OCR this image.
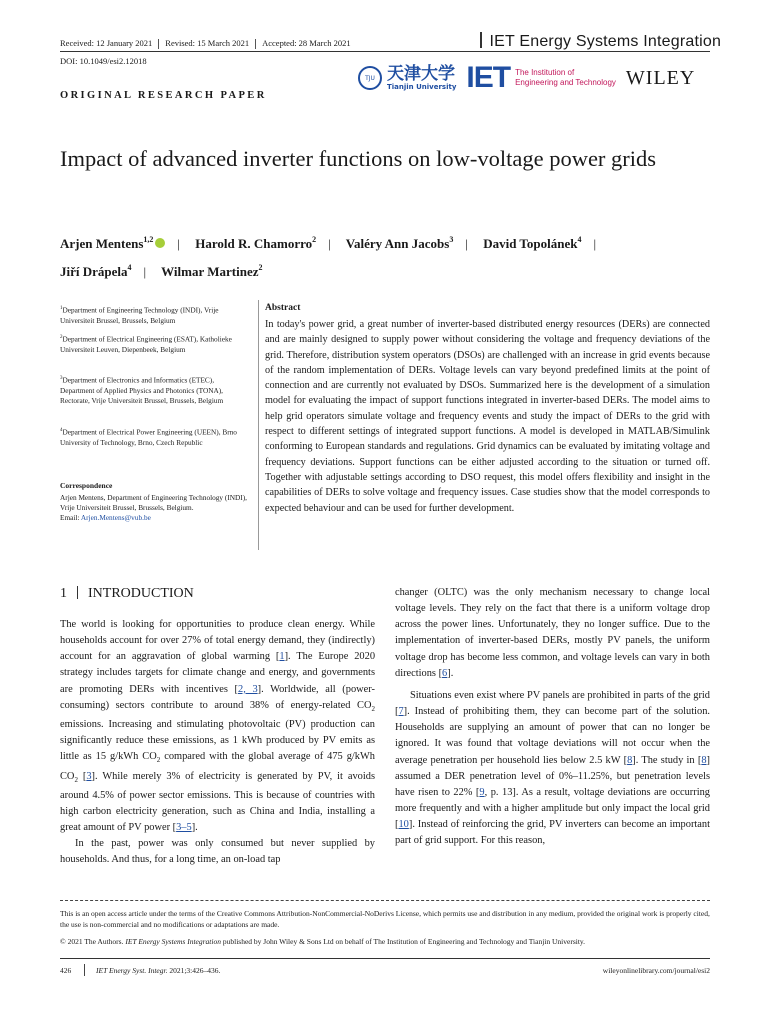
Received: 12 January 2021 Revised: 15 March 2021 Accepted: 28 March 2021	IET Energy Systems Integration
DOI: 10.1049/esi2.12018
TJU 天津大学
Tianjin University IET The Institution of
Engineering and Technology WILEY
ORIGINAL RESEARCH PAPER
Impact of advanced inverter functions on low-voltage power grids
Arjen Mentens$^{1,2}$ | Harold R. Chamorro$^2$ | Valéry Ann Jacobs$^3$ | David Topolánek$^4$ |
Jiří Drápela$^4$ | Wilmar Martinez$^2$
$^1$Department of Engineering Technology (INDI), Vrije Universiteit Brussel, Brussels, Belgium
$^2$Department of Electrical Engineering (ESAT), Katholieke Universiteit Leuven, Diepenbeek, Belgium
$^3$Department of Electronics and Informatics (ETEC), Department of Applied Physics and Photonics (TONA), Rectorate, Vrije Universiteit Brussel, Brussels, Belgium
$^4$Department of Electrical Power Engineering (UEEN), Brno University of Technology, Brno, Czech Republic
Correspondence
Arjen Mentens, Department of Engineering Technology (INDI), Vrije Universiteit Brussel, Brussels, Belgium.
Email: Arjen.Mentens@vub.be
Abstract
In today's power grid, a great number of inverter-based distributed energy resources (DERs) are connected and are mainly designed to supply power without considering the voltage and frequency deviations of the grid. Therefore, distribution system operators (DSOs) are challenged with an increase in grid events because of the random implementation of DERs. Voltage levels can vary beyond predefined limits at the point of connection and are currently not evaluated by DSOs. Summarized here is the development of a simulation model for evaluating the impact of support functions integrated in inverter-based DERs. The model aims to help grid operators simulate voltage and frequency events and study the impact of DERs to the grid with respect to different settings of integrated support functions. A model is developed in MATLAB/Simulink conforming to European standards and regulations. Grid dynamics can be evaluated by imitating voltage and frequency deviations. Support functions can be either adjusted according to the situation or turned off. Together with adjustable settings according to DSO request, this model offers flexibility and insight in the capabilities of DERs to solve voltage and frequency issues. Case studies show that the model corresponds to expected behaviour and can be used for further development.
1 INTRODUCTION

The world is looking for opportunities to produce clean energy. While households account for over 27% of total energy demand, they (indirectly) account for an aggravation of global warming [1]. The Europe 2020 strategy includes targets for climate change and energy, and governments are promoting DERs with incentives [2, 3]. Worldwide, all (power-consuming) sectors contribute to around 38% of energy-related $CO_2$ emissions. Increasing and stimulating photovoltaic (PV) production can significantly reduce these emissions, as 1 kWh produced by PV emits as little as 15 g/kWh $CO_2$ compared with the global average of 475 g/kWh $CO_2$ [3]. While merely 3% of electricity is generated by PV, it avoids around 4.5% of power sector emissions. This is because of countries with high carbon electricity generation, such as China and India, installing a great amount of PV power [3–5].

In the past, power was only consumed but never supplied by households. And thus, for a long time, an on-load tap

changer (OLTC) was the only mechanism necessary to change local voltage levels. They rely on the fact that there is a uniform voltage drop across the power lines. Unfortunately, they no longer suffice. Due to the implementation of inverter-based DERs, mostly PV panels, the uniform voltage drop has become less common, and voltage levels can vary in both directions [6].

Situations even exist where PV panels are prohibited in parts of the grid [7]. Instead of prohibiting them, they can become part of the solution. Households are supplying an amount of power that can no longer be ignored. It was found that voltage deviations will not occur when the average penetration per household lies below 2.5 kW [8]. The study in [8] assumed a DER penetration level of 0%–11.25%, but penetration levels have risen to 22% [9, p. 13]. As a result, voltage deviations are occurring more frequently and with a higher amplitude but only impact the local grid [10]. Instead of reinforcing the grid, PV inverters can become an important part of grid support. For this reason,

This is an open access article under the terms of the Creative Commons Attribution-NonCommercial-NoDerivs License, which permits use and distribution in any medium, provided the original work is properly cited, the use is non-commercial and no modifications or adaptations are made.
© 2021 The Authors. IET Energy Systems Integration published by John Wiley & Sons Ltd on behalf of The Institution of Engineering and Technology and Tianjin University.
426	IET Energy Syst. Integr. 2021;3:426–436.	wileyonlinelibrary.com/journal/esi2
